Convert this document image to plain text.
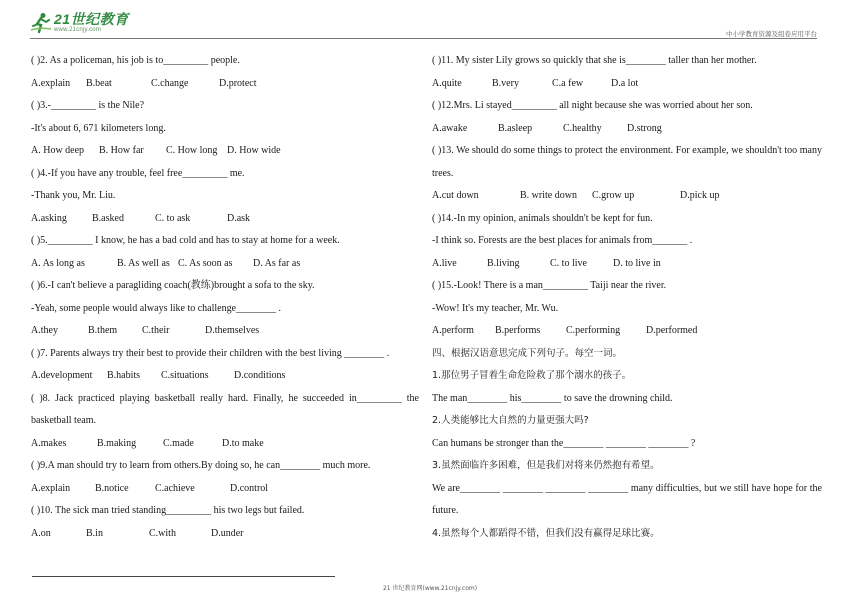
21世纪教育
www.21cnjy.com	中小学教育资源及组卷应用平台
( )2. As a policeman, his job is to_________ people.
A.explain	B.beat	C.change	D.protect
( )3.-_________ is the Nile?
-It's about 6, 671 kilometers long.
A. How deep	B. How far	C. How long D. How wide
( )4.-If you have any trouble, feel free_________ me.
-Thank you, Mr. Liu.
A.asking	B.asked	C. to ask	D.ask
( )5._________ I know, he has a bad cold and has to stay at home for a week.
A. As long as	B. As well as C. As soon as	D. As far as
( )6.-I can't believe a paragliding coach(教练)brought a sofa to the sky.
-Yeah, some people would always like to challenge________ .
A.they	B.them	C.their	D.themselves
( )7. Parents always try their best to provide their children with the best living ________ .
A.development	B.habits	C.situations	D.conditions
( )8. Jack practiced playing basketball really hard. Finally, he succeeded in_________ the basketball team.
A.makes	B.making	C.made	D.to make
( )9.A man should try to learn from others.By doing so, he can________ much more.
A.explain	B.notice	C.achieve	D.control
( )10. The sick man tried standing_________ his two legs but failed.
A.on	B.in	C.with	D.under
( )11. My sister Lily grows so quickly that she is________ taller than her mother.
A.quite	B.very	C.a few	D.a lot
( )12.Mrs. Li stayed_________ all night because she was worried about her son.
A.awake	B.asleep	C.healthy	D.strong
( )13. We should do some things to protect the environment. For example, we shouldn't too many trees.
A.cut down	B. write down	C.grow up	D.pick up
( )14.-In my opinion, animals shouldn't be kept for fun.
-I think so. Forests are the best places for animals from_______ .
A.live	B.living	C. to live	D. to live in
( )15.-Look! There is a man_________ Taiji near the river.
-Wow! It's my teacher, Mr. Wu.
A.perform	B.performs	C.performing	D.performed
四、根据汉语意思完成下列句子。每空一词。
1.那位男子冒着生命危险救了那个溺水的孩子。
The man________ his________ to save the drowning child.
2.人类能够比大自然的力量更强大吗?
Can humans be stronger than the________ ________ ________ ?
3.虽然面临许多困难，但是我们对将来仍然抱有希望。
We are________ ________ ________ ________ many difficulties, but we still have hope for the future.
4.虽然每个人都蹈得不错，但我们没有赢得足球比赛。
21 世纪教育网(www.21cnjy.com)
